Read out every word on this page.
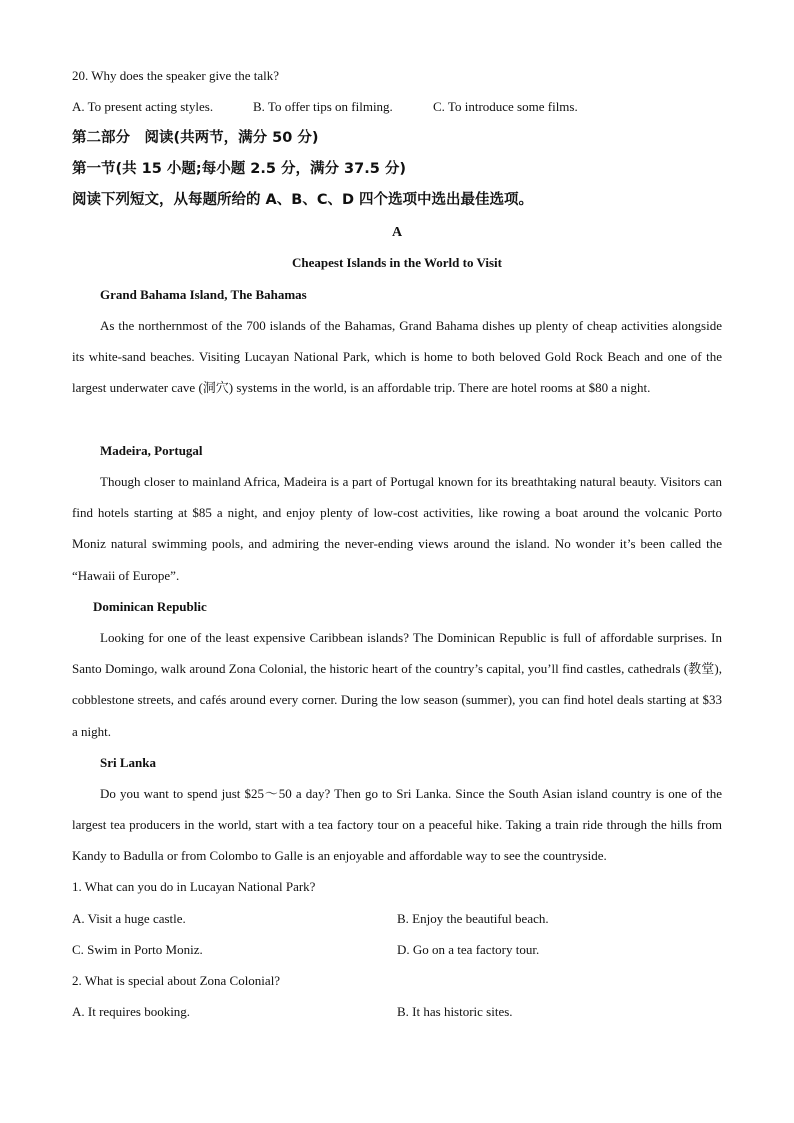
20. Why does the speaker give the talk?
A. To present acting styles.	B. To offer tips on filming.	C. To introduce some films.
第二部分　阅读(共两节，满分 50 分)
第一节(共 15 小题;每小题 2.5 分，满分 37.5 分)
阅读下列短文，从每题所给的 A、B、C、D 四个选项中选出最佳选项。
A
Cheapest Islands in the World to Visit
Grand Bahama Island, The Bahamas
As the northernmost of the 700 islands of the Bahamas, Grand Bahama dishes up plenty of cheap activities alongside its white-sand beaches. Visiting Lucayan National Park, which is home to both beloved Gold Rock Beach and one of the largest underwater cave (洞穴) systems in the world, is an affordable trip. There are hotel rooms at $80 a night.
Madeira, Portugal
Though closer to mainland Africa, Madeira is a part of Portugal known for its breathtaking natural beauty. Visitors can find hotels starting at $85 a night, and enjoy plenty of low-cost activities, like rowing a boat around the volcanic Porto Moniz natural swimming pools, and admiring the never-ending views around the island. No wonder it’s been called the “Hawaii of Europe”.
Dominican Republic
Looking for one of the least expensive Caribbean islands? The Dominican Republic is full of affordable surprises. In Santo Domingo, walk around Zona Colonial, the historic heart of the country’s capital, you’ll find castles, cathedrals (教堂), cobblestone streets, and cafés around every corner. During the low season (summer), you can find hotel deals starting at $33 a night.
Sri Lanka
Do you want to spend just $25～50 a day? Then go to Sri Lanka. Since the South Asian island country is one of the largest tea producers in the world, start with a tea factory tour on a peaceful hike. Taking a train ride through the hills from Kandy to Badulla or from Colombo to Galle is an enjoyable and affordable way to see the countryside.
1. What can you do in Lucayan National Park?
A. Visit a huge castle.	B. Enjoy the beautiful beach.
C. Swim in Porto Moniz.	D. Go on a tea factory tour.
2. What is special about Zona Colonial?
A. It requires booking.	B. It has historic sites.
